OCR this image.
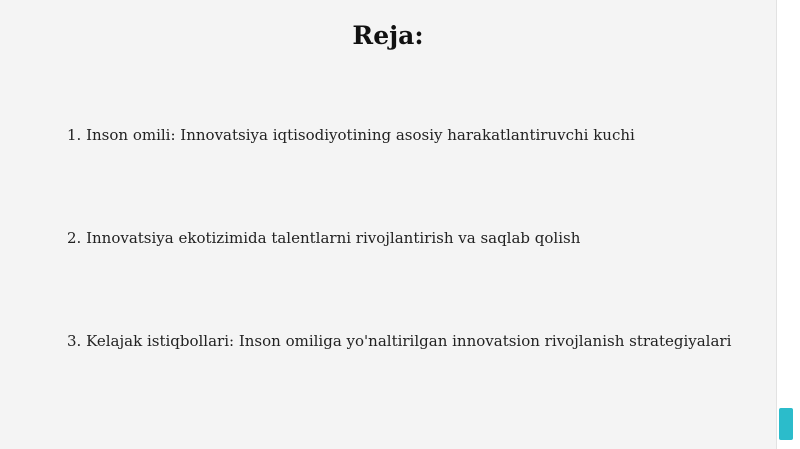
Reja:
1. Inson omili: Innovatsiya iqtisodiyotining asosiy harakatlantiruvchi kuchi
2. Innovatsiya ekotizimida talentlarni rivojlantirish va saqlab qolish
3. Kelajak istiqbollari: Inson omiliga yo'naltirilgan innovatsion rivojlanish strategiyalari
